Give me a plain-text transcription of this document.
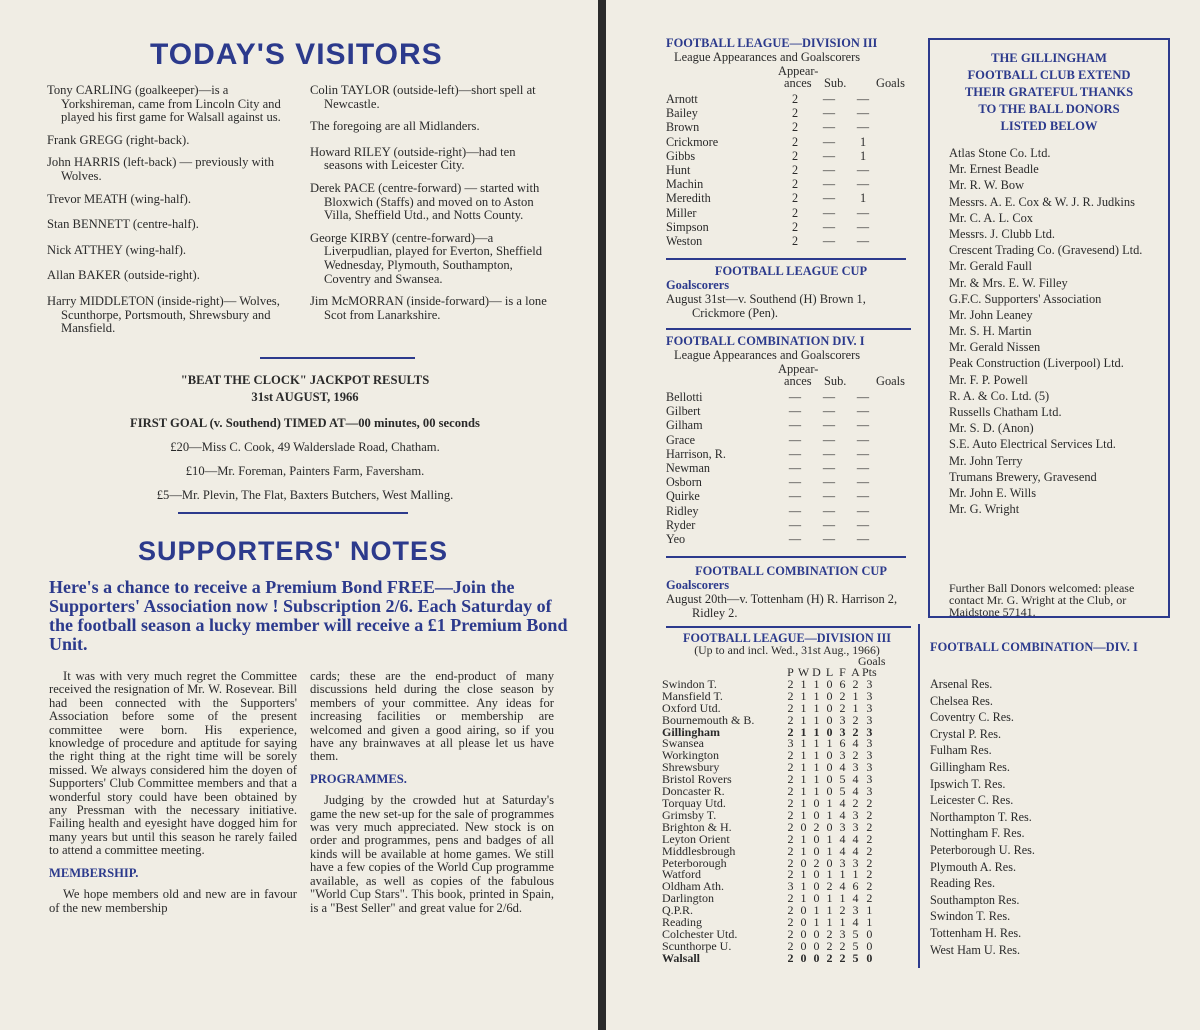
TODAY'S VISITORS

Tony CARLING (goalkeeper)—is a Yorkshireman, came from Lincoln City and played his first game for Walsall against us.

Frank GREGG (right-back).

John HARRIS (left-back) — previously with Wolves.

Trevor MEATH (wing-half).

Stan BENNETT (centre-half).

Nick ATTHEY (wing-half).

Allan BAKER (outside-right).

Harry MIDDLETON (inside-right)— Wolves, Scunthorpe, Portsmouth, Shrewsbury and Mansfield.

Colin TAYLOR (outside-left)—short spell at Newcastle.

The foregoing are all Midlanders.

Howard RILEY (outside-right)—had ten seasons with Leicester City.

Derek PACE (centre-forward) — started with Bloxwich (Staffs) and moved on to Aston Villa, Sheffield Utd., and Notts County.

George KIRBY (centre-forward)—a Liverpudlian, played for Everton, Sheffield Wednesday, Plymouth, Southampton, Coventry and Swansea.

Jim McMORRAN (inside-forward)— is a lone Scot from Lanarkshire.

"BEAT THE CLOCK" JACKPOT RESULTS
31st AUGUST, 1966
FIRST GOAL (v. Southend) TIMED AT—00 minutes, 00 seconds
£20—Miss C. Cook, 49 Walderslade Road, Chatham.
£10—Mr. Foreman, Painters Farm, Faversham.
£5—Mr. Plevin, The Flat, Baxters Butchers, West Malling.
SUPPORTERS' NOTES
Here's a chance to receive a Premium Bond FREE—Join the Supporters' Association now ! Subscription 2/6. Each Saturday of the football season a lucky member will receive a £1 Premium Bond Unit.

It was with very much regret the Committee received the resignation of Mr. W. Rosevear. Bill had been connected with the Supporters' Association before some of the present committee were born. His experience, knowledge of procedure and aptitude for saying the right thing at the right time will be sorely missed. We always considered him the doyen of Supporters' Club Committee members and that a wonderful story could have been obtained by any Pressman with the necessary initiative. Failing health and eyesight have dogged him for many years but until this season he rarely failed to attend a committee meeting.

MEMBERSHIP.

We hope members old and new are in favour of the new membership

cards; these are the end-product of many discussions held during the close season by members of your committee. Any ideas for increasing facilities or membership are welcomed and given a good airing, so if you have any brainwaves at all please let us have them.

PROGRAMMES.

Judging by the crowded hut at Saturday's game the new set-up for the sale of programmes was very much appreciated. New stock is on order and programmes, pens and badges of all kinds will be available at home games. We still have a few copies of the World Cup programme available, as well as copies of the fabulous "World Cup Stars". This book, printed in Spain, is a "Best Seller" and great value for 2/6d.

FOOTBALL LEAGUE—DIVISION III
League Appearances and Goalscorers
Appear-
ances Sub. Goals
Arnott	2	—	—
Bailey	2	—	—
Brown	2	—	—
Crickmore	2	—	1
Gibbs	2	—	1
Hunt	2	—	—
Machin	2	—	—
Meredith	2	—	1
Miller	2	—	—
Simpson	2	—	—
Weston	2	—	—
FOOTBALL LEAGUE CUP
Goalscorers
August 31st—v. Southend (H) Brown 1, Crickmore (Pen).
FOOTBALL COMBINATION DIV. I
League Appearances and Goalscorers
Appear-
ances Sub. Goals
Bellotti	—	—	—
Gilbert	—	—	—
Gilham	—	—	—
Grace	—	—	—
Harrison, R.	—	—	—
Newman	—	—	—
Osborn	—	—	—
Quirke	—	—	—
Ridley	—	—	—
Ryder	—	—	—
Yeo	—	—	—
FOOTBALL COMBINATION CUP
Goalscorers
August 20th—v. Tottenham (H) R. Harrison 2, Ridley 2.
THE GILLINGHAM
FOOTBALL CLUB EXTEND
THEIR GRATEFUL THANKS
TO THE BALL DONORS
LISTED BELOW
Atlas Stone Co. Ltd.
Mr. Ernest Beadle
Mr. R. W. Bow
Messrs. A. E. Cox & W. J. R. Judkins
Mr. C. A. L. Cox
Messrs. J. Clubb Ltd.
Crescent Trading Co. (Gravesend) Ltd.
Mr. Gerald Faull
Mr. & Mrs. E. W. Filley
G.F.C. Supporters' Association
Mr. John Leaney
Mr. S. H. Martin
Mr. Gerald Nissen
Peak Construction (Liverpool) Ltd.
Mr. F. P. Powell
R. A. & Co. Ltd. (5)
Russells Chatham Ltd.
Mr. S. D. (Anon)
S.E. Auto Electrical Services Ltd.
Mr. John Terry
Trumans Brewery, Gravesend
Mr. John E. Wills
Mr. G. Wright
Further Ball Donors welcomed: please contact Mr. G. Wright at the Club, or Maidstone 57141.
FOOTBALL LEAGUE—DIVISION III
(Up to and incl. Wed., 31st Aug., 1966)
Goals
	P	W	D	L	F	A	Pts
Swindon T.	2	1	1	0	6	2	3
Mansfield T.	2	1	1	0	2	1	3
Oxford Utd.	2	1	1	0	2	1	3
Bournemouth & B.	2	1	1	0	3	2	3
Gillingham	2	1	1	0	3	2	3
Swansea	3	1	1	1	6	4	3
Workington	2	1	1	0	3	2	3
Shrewsbury	2	1	1	0	4	3	3
Bristol Rovers	2	1	1	0	5	4	3
Doncaster R.	2	1	1	0	5	4	3
Torquay Utd.	2	1	0	1	4	2	2
Grimsby T.	2	1	0	1	4	3	2
Brighton & H.	2	0	2	0	3	3	2
Leyton Orient	2	1	0	1	4	4	2
Middlesbrough	2	1	0	1	4	4	2
Peterborough	2	0	2	0	3	3	2
Watford	2	1	0	1	1	1	2
Oldham Ath.	3	1	0	2	4	6	2
Darlington	2	1	0	1	1	4	2
Q.P.R.	2	0	1	1	2	3	1
Reading	2	0	1	1	1	4	1
Colchester Utd.	2	0	0	2	3	5	0
Scunthorpe U.	2	0	0	2	2	5	0
Walsall	2	0	0	2	2	5	0
FOOTBALL COMBINATION—DIV. I
Arsenal Res.
Chelsea Res.
Coventry C. Res.
Crystal P. Res.
Fulham Res.
Gillingham Res.
Ipswich T. Res.
Leicester C. Res.
Northampton T. Res.
Nottingham F. Res.
Peterborough U. Res.
Plymouth A. Res.
Reading Res.
Southampton Res.
Swindon T. Res.
Tottenham H. Res.
West Ham U. Res.
